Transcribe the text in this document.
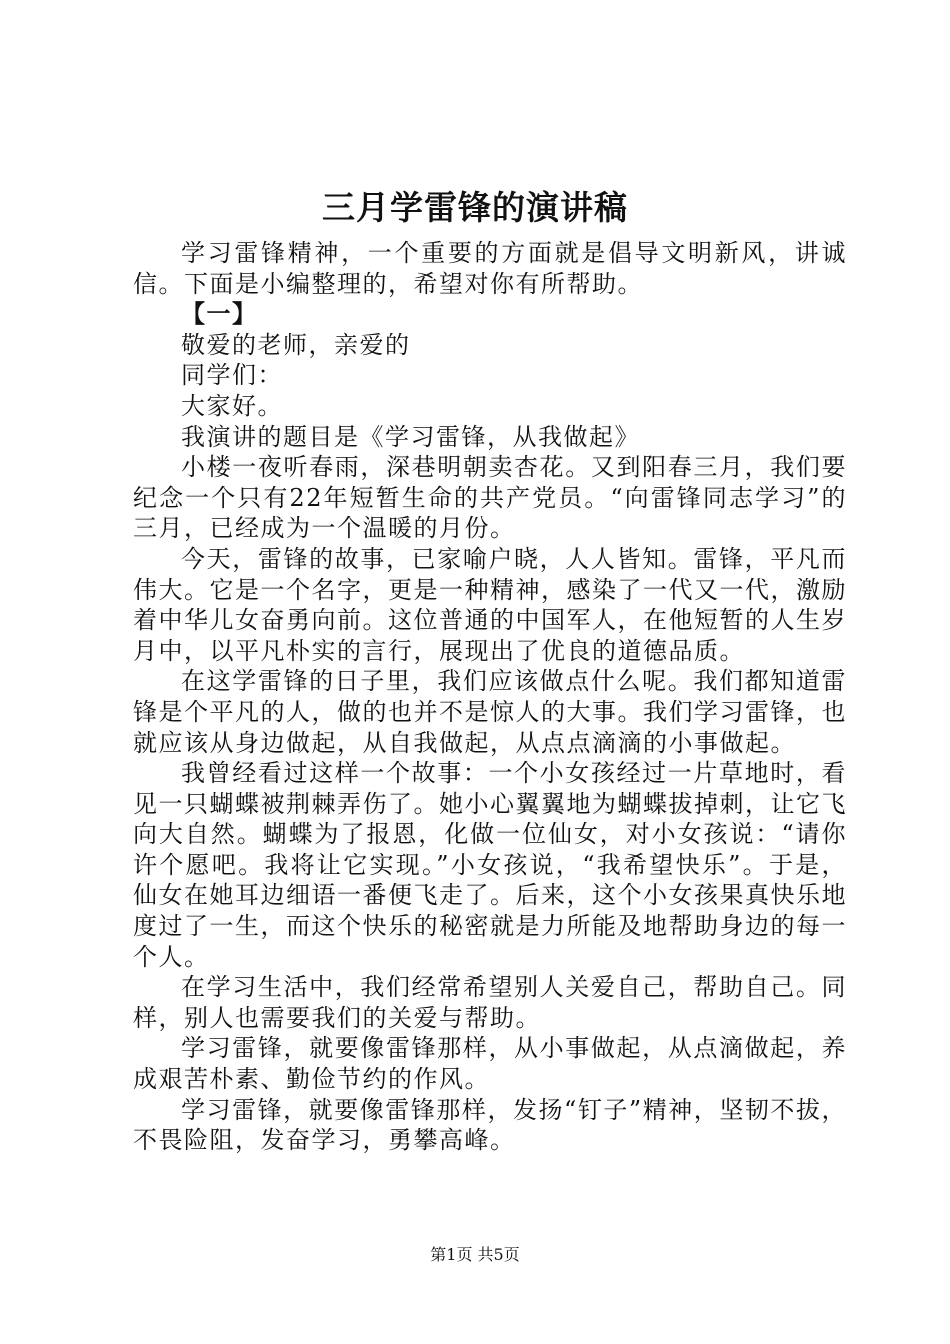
三月学雷锋的演讲稿

学习雷锋精神，一个重要的方面就是倡导文明新风，讲诚信。下面是小编整理的，希望对你有所帮助。

【一】

敬爱的老师，亲爱的

同学们：

大家好。

我演讲的题目是《学习雷锋，从我做起》

小楼一夜听春雨，深巷明朝卖杏花。又到阳春三月，我们要纪念一个只有22年短暂生命的共产党员。“向雷锋同志学习”的三月，已经成为一个温暖的月份。

今天，雷锋的故事，已家喻户晓，人人皆知。雷锋，平凡而伟大。它是一个名字，更是一种精神，感染了一代又一代，激励着中华儿女奋勇向前。这位普通的中国军人，在他短暂的人生岁月中，以平凡朴实的言行，展现出了优良的道德品质。

在这学雷锋的日子里，我们应该做点什么呢。我们都知道雷锋是个平凡的人，做的也并不是惊人的大事。我们学习雷锋，也就应该从身边做起，从自我做起，从点点滴滴的小事做起。

我曾经看过这样一个故事：一个小女孩经过一片草地时，看见一只蝴蝶被荆棘弄伤了。她小心翼翼地为蝴蝶拔掉刺，让它飞向大自然。蝴蝶为了报恩，化做一位仙女，对小女孩说：“请你许个愿吧。我将让它实现。”小女孩说，“我希望快乐”。于是，仙女在她耳边细语一番便飞走了。后来，这个小女孩果真快乐地度过了一生，而这个快乐的秘密就是力所能及地帮助身边的每一个人。

在学习生活中，我们经常希望别人关爱自己，帮助自己。同样，别人也需要我们的关爱与帮助。

学习雷锋，就要像雷锋那样，从小事做起，从点滴做起，养成艰苦朴素、勤俭节约的作风。

学习雷锋，就要像雷锋那样，发扬“钉子”精神，坚韧不拔，不畏险阻，发奋学习，勇攀高峰。

第1页 共5页
